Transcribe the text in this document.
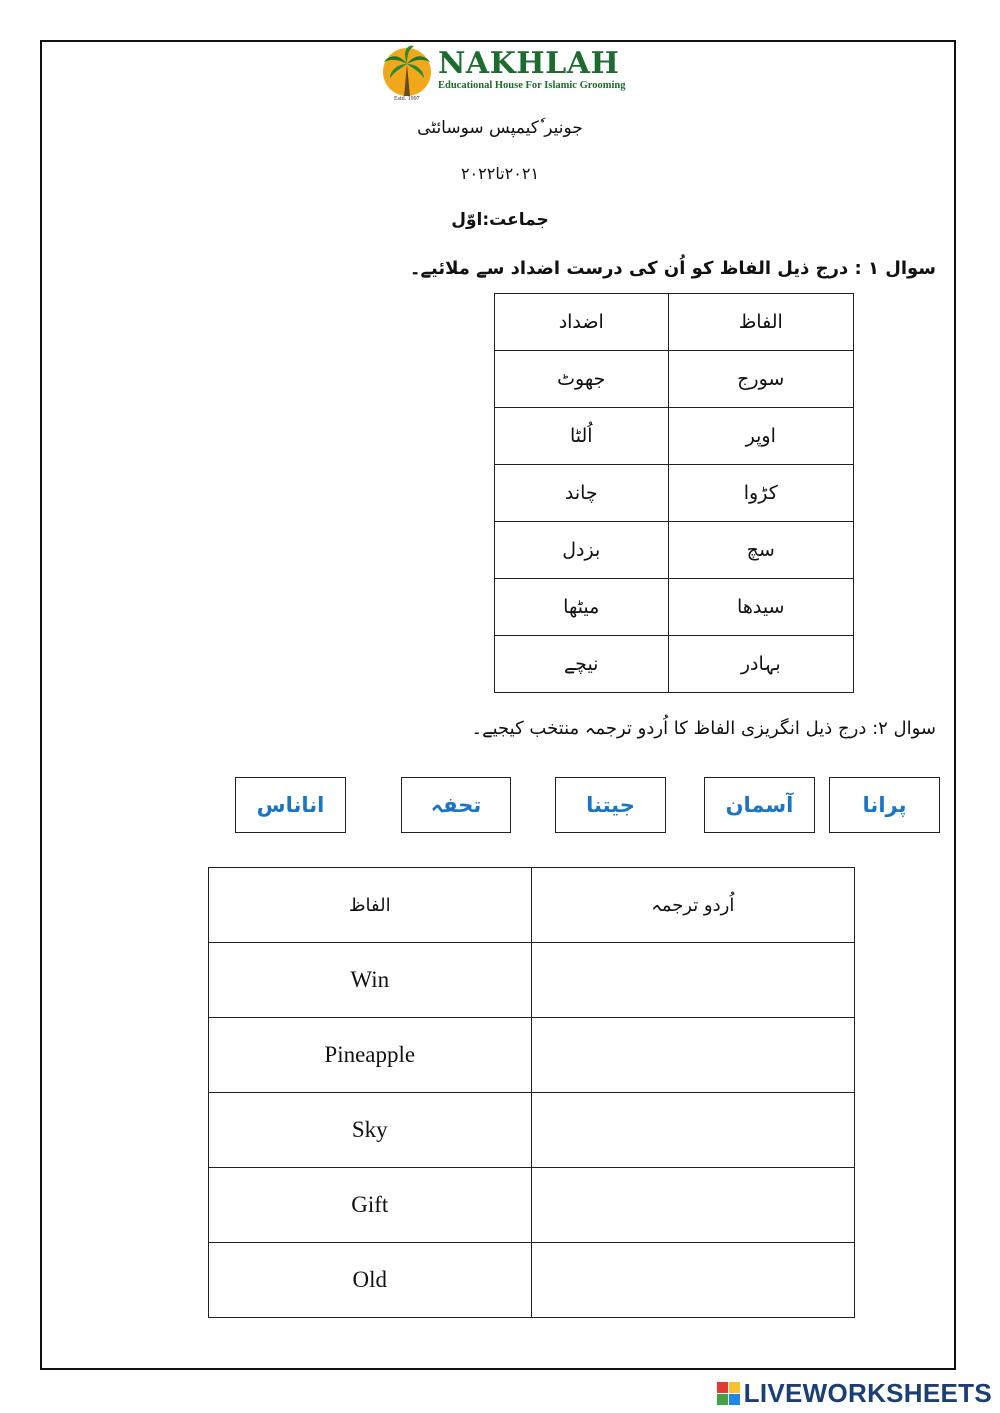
NAKHLAH
Educational House For Islamic Grooming
Estd. 1997
جونیر ٗکیمپس سوسائٹی
۲۰۲۱تا۲۰۲۲
جماعت:اوّل
سوال ۱ : درج ذیل الفاظ کو اُن کی درست اضداد سے ملائیے۔
اضداد	الفاظ
جھوٹ	سورج
اُلٹا	اوپر
چاند	کڑوا
بزدل	سچ
میٹھا	سیدھا
نیچے	بہادر
سوال ۲: درج ذیل انگریزی الفاظ کا اُردو ترجمہ منتخب کیجیے۔
پرانا
آسمان
جیتنا
تحفہ
اناناس
الفاظ	اُردو ترجمہ
Win	
Pineapple	
Sky	
Gift	
Old	
LIVEWORKSHEETS
